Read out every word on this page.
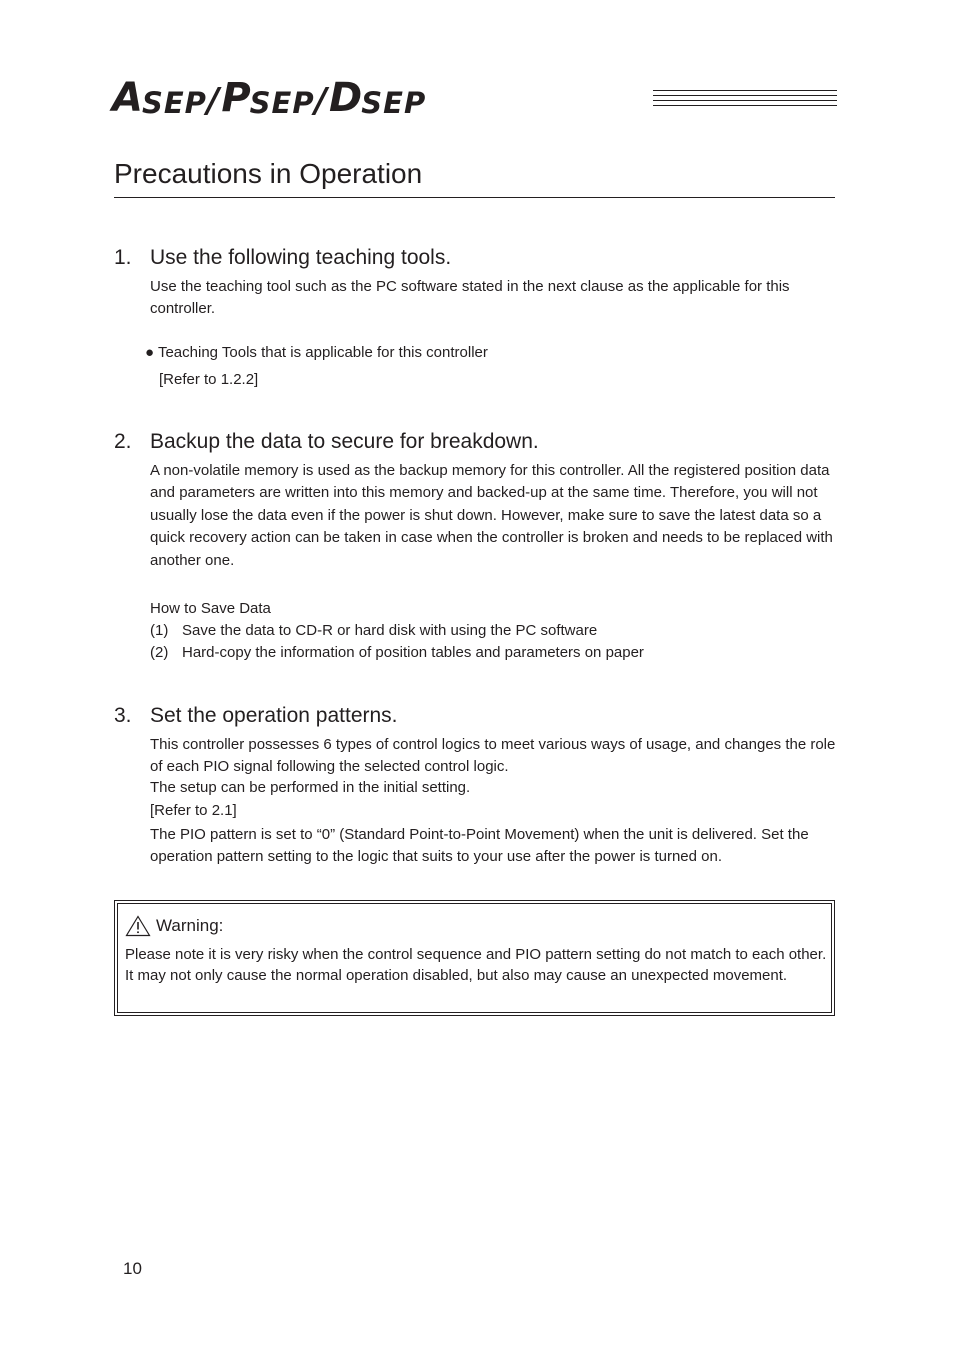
A SEP / P SEP / D SEP
Precautions in Operation
1. Use the following teaching tools.

Use the teaching tool such as the PC software stated in the next clause as the applicable for this controller.

● Teaching Tools that is applicable for this controller
[Refer to 1.2.2]
2. Backup the data to secure for breakdown.

A non-volatile memory is used as the backup memory for this controller. All the registered position data and parameters are written into this memory and backed-up at the same time. Therefore, you will not usually lose the data even if the power is shut down. However, make sure to save the latest data so a quick recovery action can be taken in case when the controller is broken and needs to be replaced with another one.

How to Save Data
(1) Save the data to CD-R or hard disk with using the PC software
(2) Hard-copy the information of position tables and parameters on paper
3. Set the operation patterns.

This controller possesses 6 types of control logics to meet various ways of usage, and changes the role of each PIO signal following the selected control logic.

The setup can be performed in the initial setting.
[Refer to 2.1]

The PIO pattern is set to “0” (Standard Point-to-Point Movement) when the unit is delivered. Set the operation pattern setting to the logic that suits to your use after the power is turned on.

Warning:

Please note it is very risky when the control sequence and PIO pattern setting do not match to each other. It may not only cause the normal operation disabled, but also may cause an unexpected movement.

10
